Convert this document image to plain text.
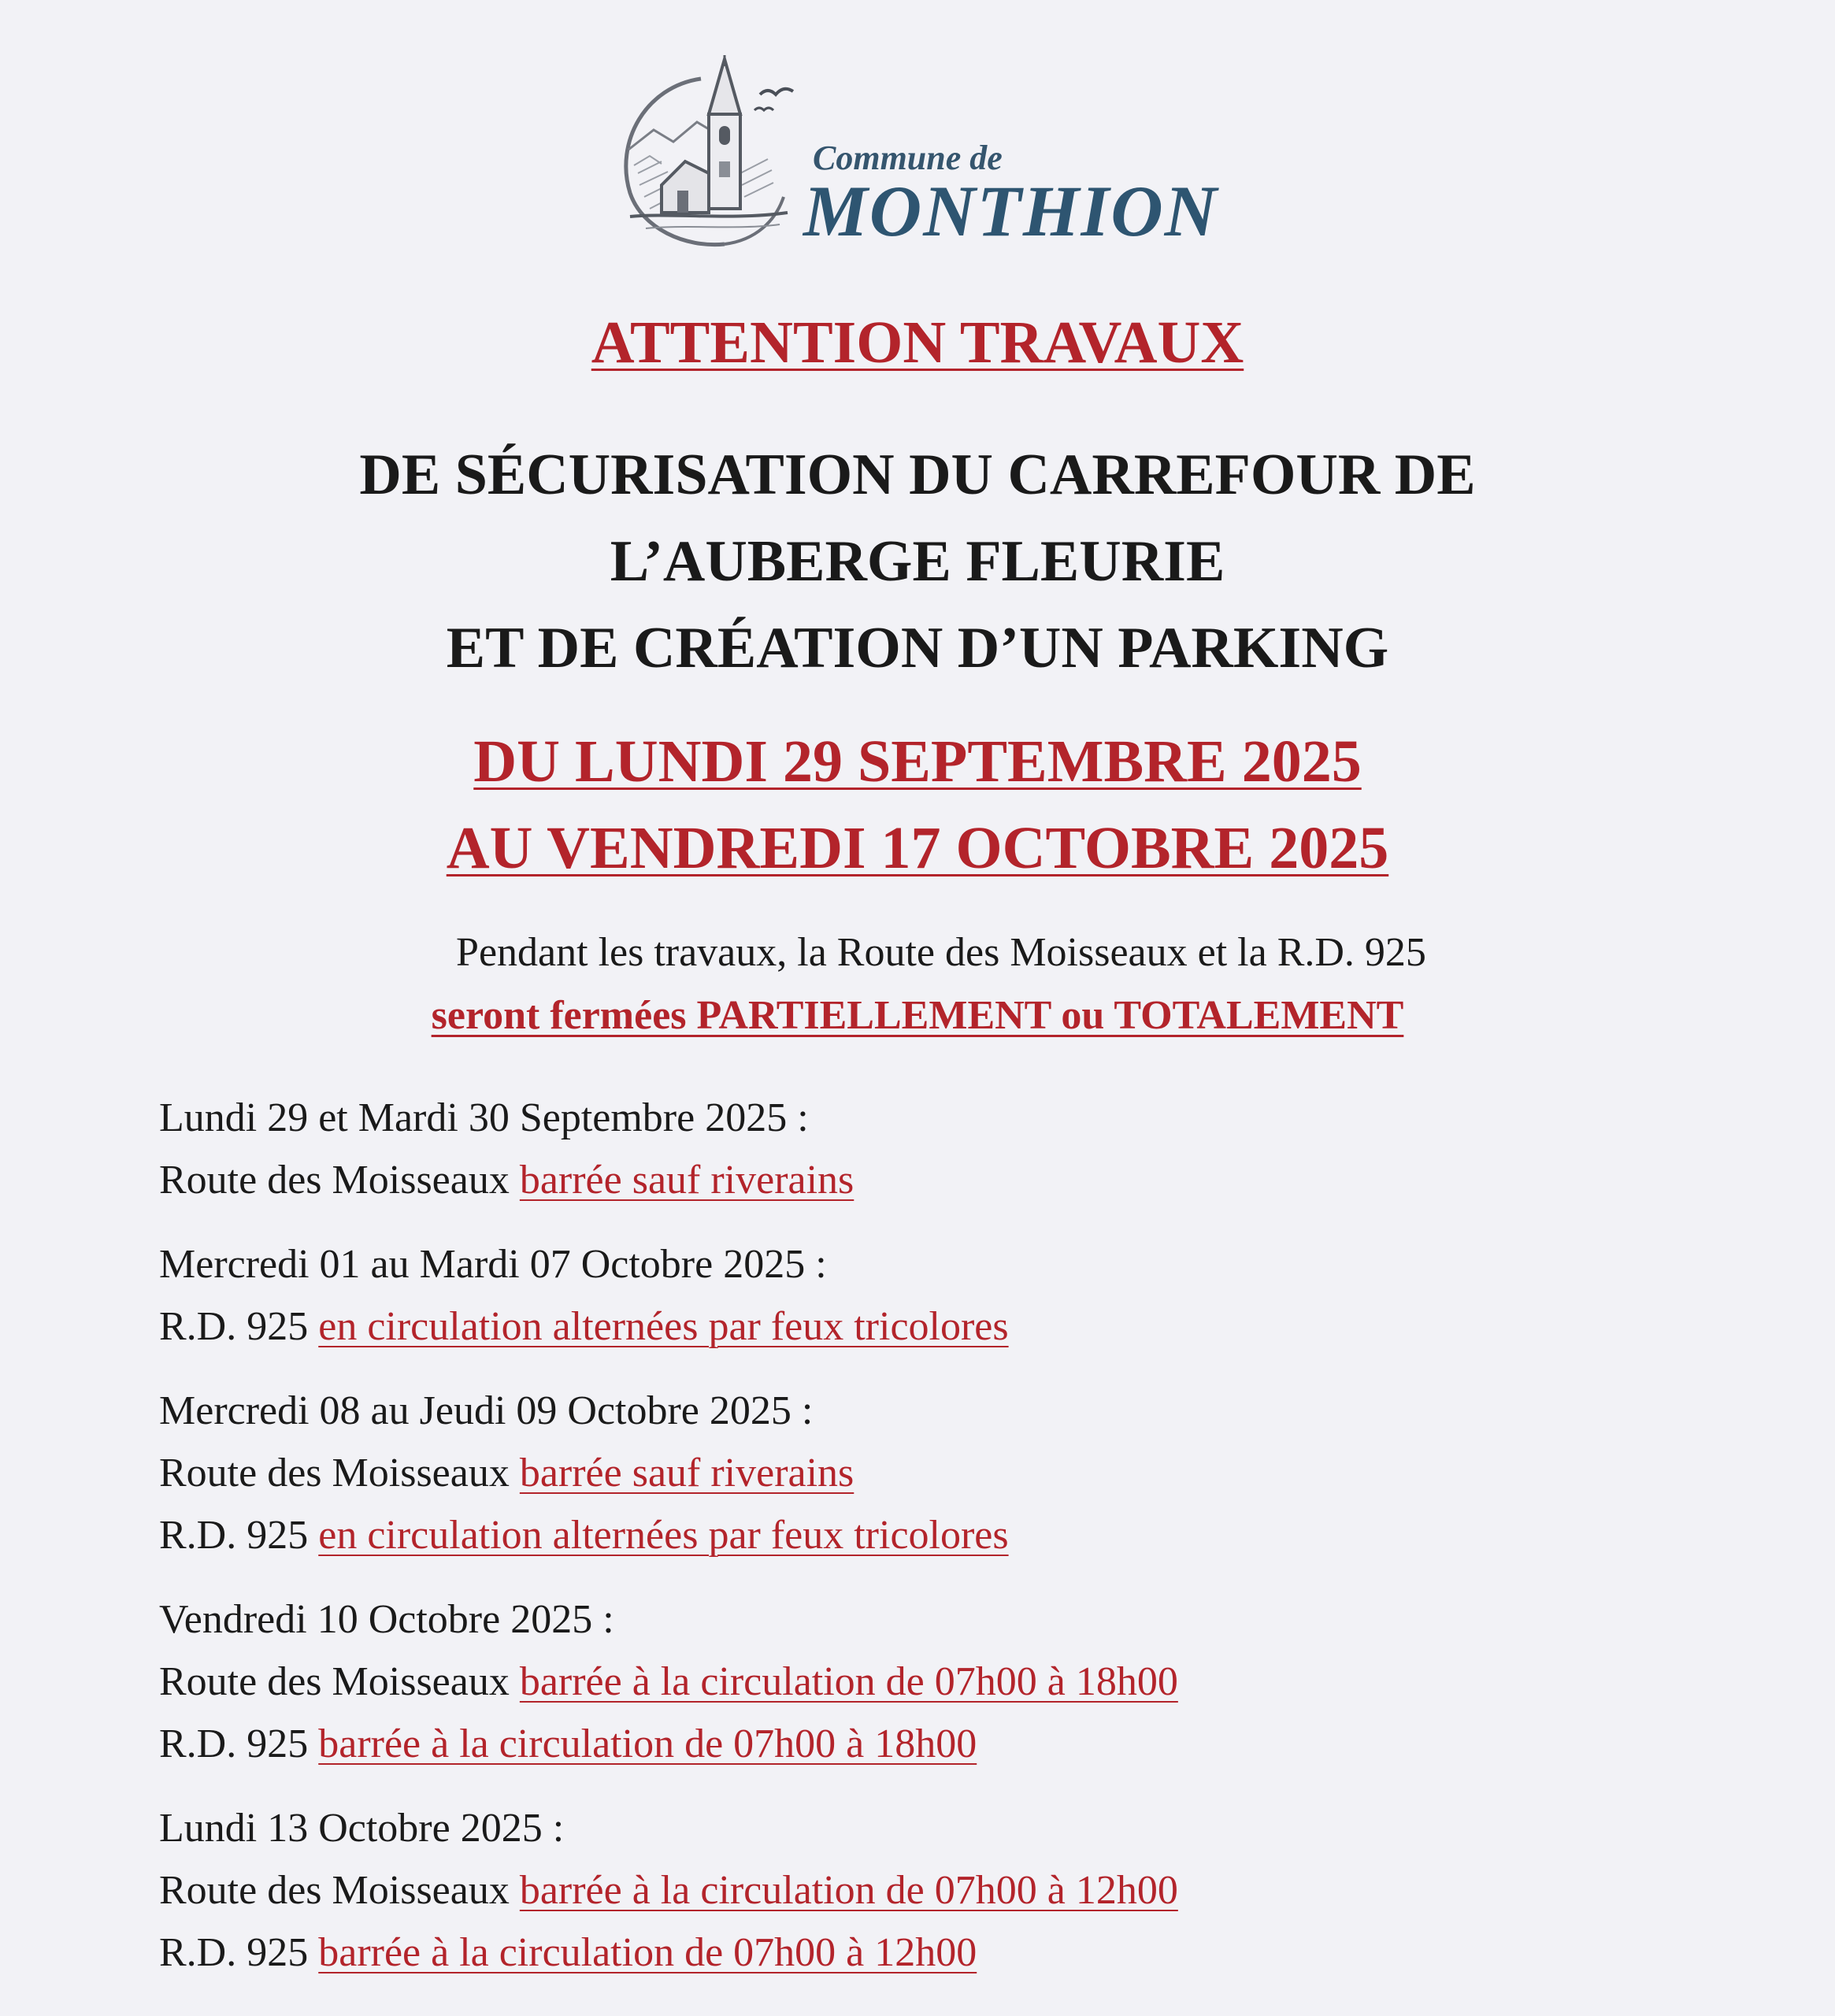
Commune de
MONTHION
ATTENTION TRAVAUX
DE SÉCURISATION DU CARREFOUR DE
L’AUBERGE FLEURIE
ET DE CRÉATION D’UN PARKING
DU LUNDI 29 SEPTEMBRE 2025
AU VENDREDI 17 OCTOBRE 2025
Pendant les travaux, la Route des Moisseaux et la R.D. 925
seront fermées PARTIELLEMENT ou TOTALEMENT
Lundi 29 et Mardi 30 Septembre 2025 :
Route des Moisseaux barrée sauf riverains
Mercredi 01 au Mardi 07 Octobre 2025 :
R.D. 925 en circulation alternées par feux tricolores
Mercredi 08 au Jeudi 09 Octobre 2025 :
Route des Moisseaux barrée sauf riverains
R.D. 925 en circulation alternées par feux tricolores
Vendredi 10 Octobre 2025 :
Route des Moisseaux barrée à la circulation de 07h00 à 18h00
R.D. 925 barrée à la circulation de 07h00 à 18h00
Lundi 13 Octobre 2025 :
Route des Moisseaux barrée à la circulation de 07h00 à 12h00
R.D. 925 barrée à la circulation de 07h00 à 12h00
